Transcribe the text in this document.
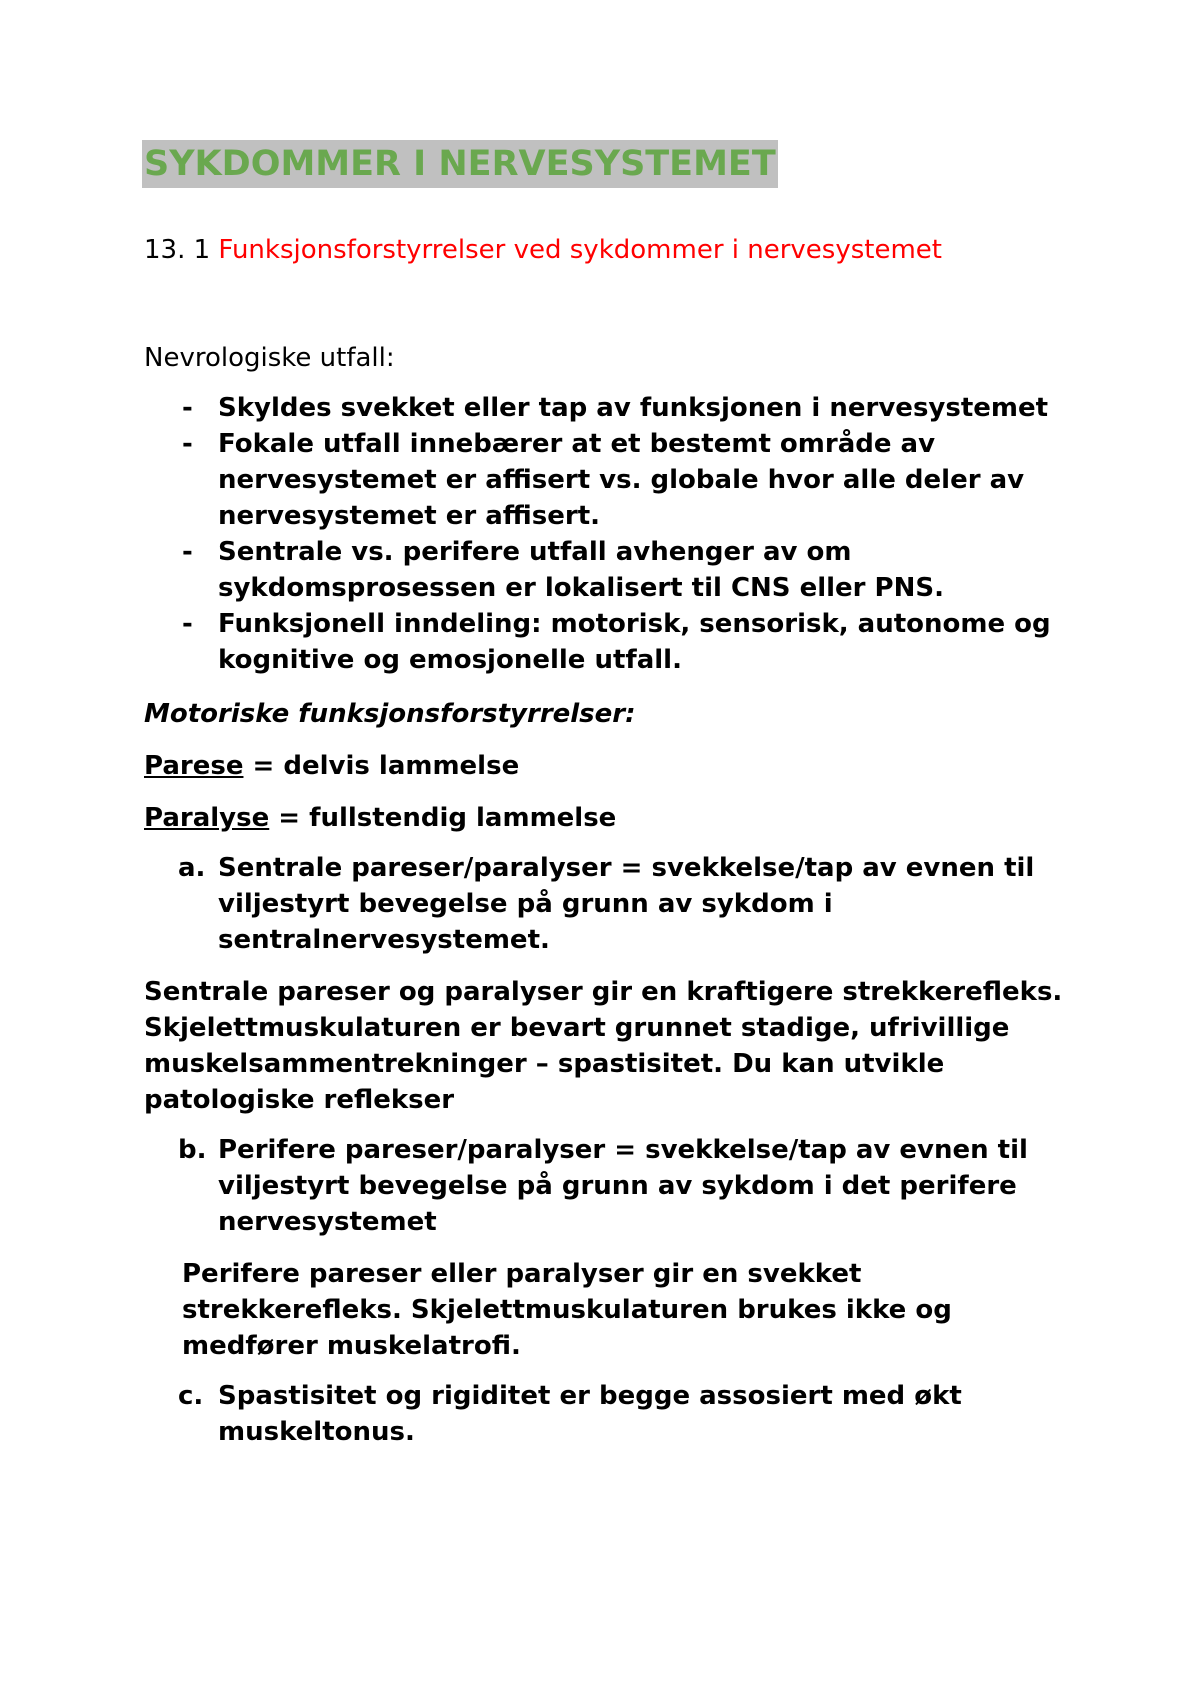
SYKDOMMER I NERVESYSTEMET
13. 1 Funksjonsforstyrrelser ved sykdommer i nervesystemet
Nevrologiske utfall:
- Skyldes svekket eller tap av funksjonen i nervesystemet
- Fokale utfall innebærer at et bestemt område av nervesystemet er affisert vs. globale hvor alle deler av nervesystemet er affisert.
- Sentrale vs. perifere utfall avhenger av om sykdomsprosessen er lokalisert til CNS eller PNS.
- Funksjonell inndeling: motorisk, sensorisk, autonome og kognitive og emosjonelle utfall.
Motoriske funksjonsforstyrrelser:
Parese = delvis lammelse
Paralyse = fullstendig lammelse
a. Sentrale pareser/paralyser = svekkelse/tap av evnen til viljestyrt bevegelse på grunn av sykdom i sentralnervesystemet.
Sentrale pareser og paralyser gir en kraftigere strekkerefleks. Skjelettmuskulaturen er bevart grunnet stadige, ufrivillige muskelsammentrekninger – spastisitet. Du kan utvikle patologiske reflekser
b. Perifere pareser/paralyser = svekkelse/tap av evnen til viljestyrt bevegelse på grunn av sykdom i det perifere nervesystemet
Perifere pareser eller paralyser gir en svekket strekkerefleks. Skjelettmuskulaturen brukes ikke og medfører muskelatrofi.
c. Spastisitet og rigiditet er begge assosiert med økt muskeltonus.
